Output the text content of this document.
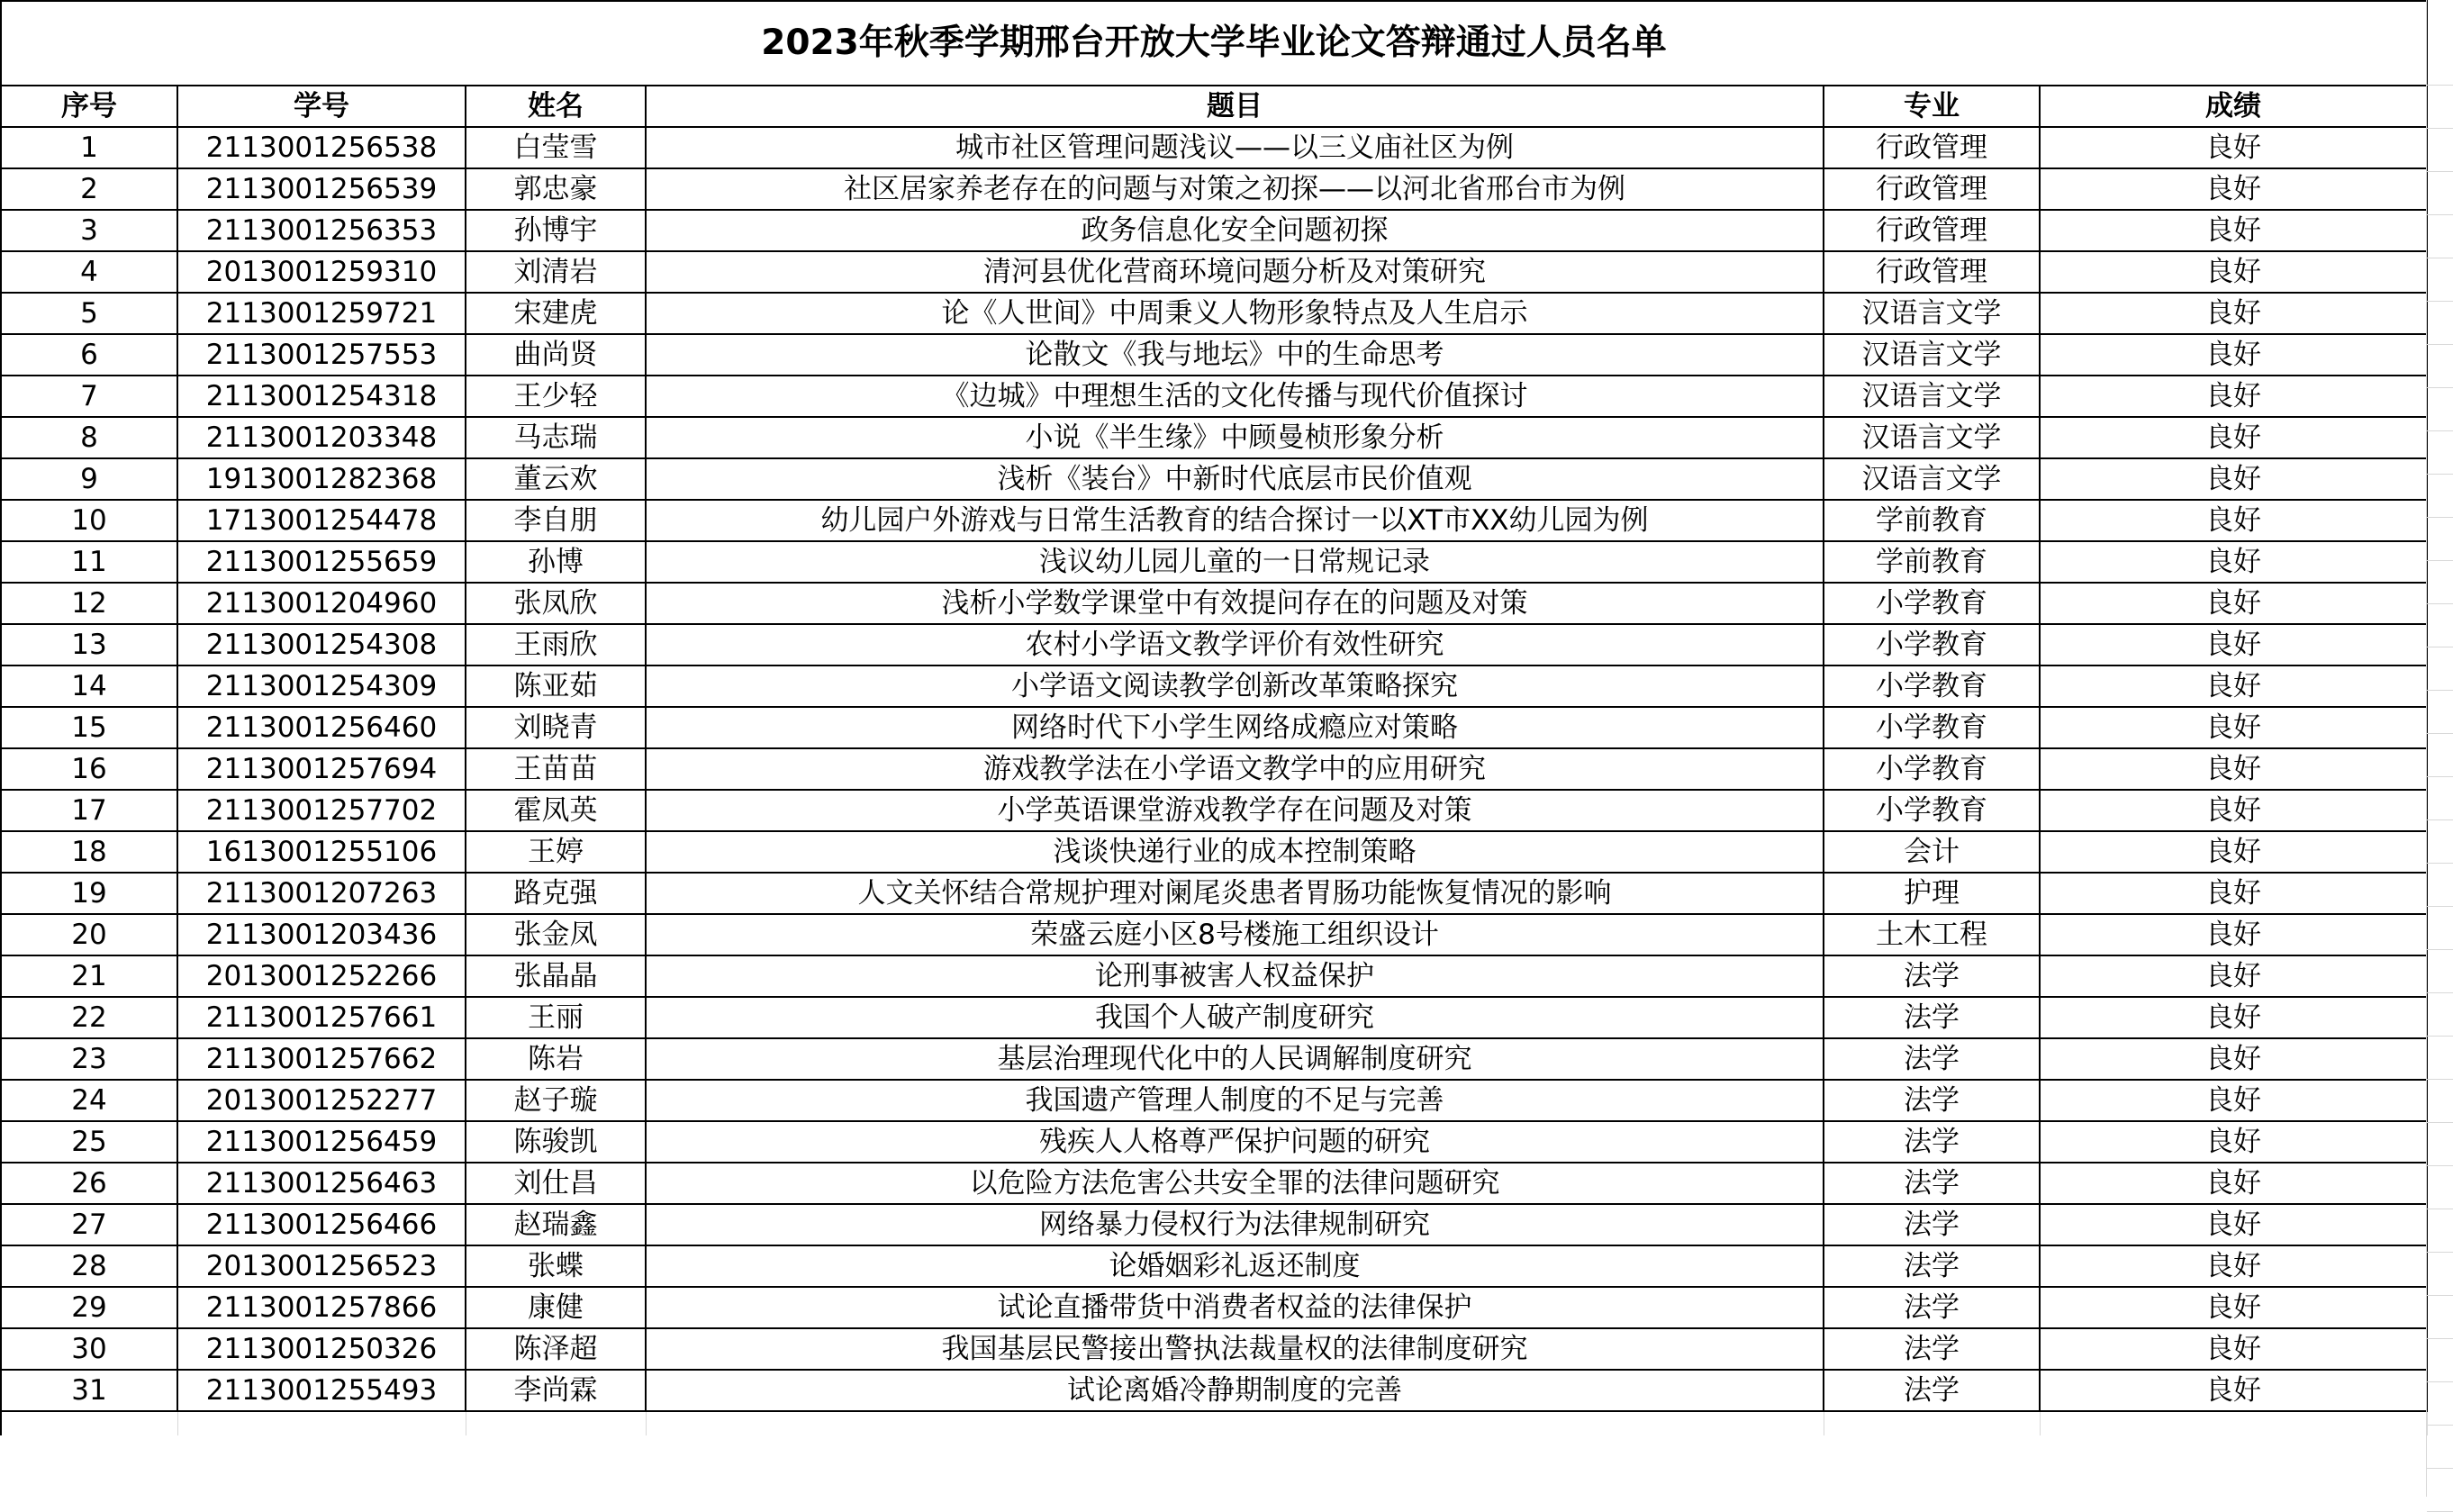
2023年秋季学期邢台开放大学毕业论文答辩通过人员名单					
序号	学号	姓名	题目	专业	成绩
1	2113001256538	白莹雪	城市社区管理问题浅议——以三义庙社区为例	行政管理	良好
2	2113001256539	郭忠豪	社区居家养老存在的问题与对策之初探——以河北省邢台市为例	行政管理	良好
3	2113001256353	孙博宇	政务信息化安全问题初探	行政管理	良好
4	2013001259310	刘清岩	清河县优化营商环境问题分析及对策研究	行政管理	良好
5	2113001259721	宋建虎	论《人世间》中周秉义人物形象特点及人生启示	汉语言文学	良好
6	2113001257553	曲尚贤	论散文《我与地坛》中的生命思考	汉语言文学	良好
7	2113001254318	王少轻	《边城》中理想生活的文化传播与现代价值探讨	汉语言文学	良好
8	2113001203348	马志瑞	小说《半生缘》中顾曼桢形象分析	汉语言文学	良好
9	1913001282368	董云欢	浅析《装台》中新时代底层市民价值观	汉语言文学	良好
10	1713001254478	李自朋	幼儿园户外游戏与日常生活教育的结合探讨一以XT市XX幼儿园为例	学前教育	良好
11	2113001255659	孙博	浅议幼儿园儿童的一日常规记录	学前教育	良好
12	2113001204960	张凤欣	浅析小学数学课堂中有效提问存在的问题及对策	小学教育	良好
13	2113001254308	王雨欣	农村小学语文教学评价有效性研究	小学教育	良好
14	2113001254309	陈亚茹	小学语文阅读教学创新改革策略探究	小学教育	良好
15	2113001256460	刘晓青	网络时代下小学生网络成瘾应对策略	小学教育	良好
16	2113001257694	王苗苗	游戏教学法在小学语文教学中的应用研究	小学教育	良好
17	2113001257702	霍凤英	小学英语课堂游戏教学存在问题及对策	小学教育	良好
18	1613001255106	王婷	浅谈快递行业的成本控制策略	会计	良好
19	2113001207263	路克强	人文关怀结合常规护理对阑尾炎患者胃肠功能恢复情况的影响	护理	良好
20	2113001203436	张金凤	荣盛云庭小区8号楼施工组织设计	土木工程	良好
21	2013001252266	张晶晶	论刑事被害人权益保护	法学	良好
22	2113001257661	王丽	我国个人破产制度研究	法学	良好
23	2113001257662	陈岩	基层治理现代化中的人民调解制度研究	法学	良好
24	2013001252277	赵子璇	我国遗产管理人制度的不足与完善	法学	良好
25	2113001256459	陈骏凯	残疾人人格尊严保护问题的研究	法学	良好
26	2113001256463	刘仕昌	以危险方法危害公共安全罪的法律问题研究	法学	良好
27	2113001256466	赵瑞鑫	网络暴力侵权行为法律规制研究	法学	良好
28	2013001256523	张蝶	论婚姻彩礼返还制度	法学	良好
29	2113001257866	康健	试论直播带货中消费者权益的法律保护	法学	良好
30	2113001250326	陈泽超	我国基层民警接出警执法裁量权的法律制度研究	法学	良好
31	2113001255493	李尚霖	试论离婚冷静期制度的完善	法学	良好
